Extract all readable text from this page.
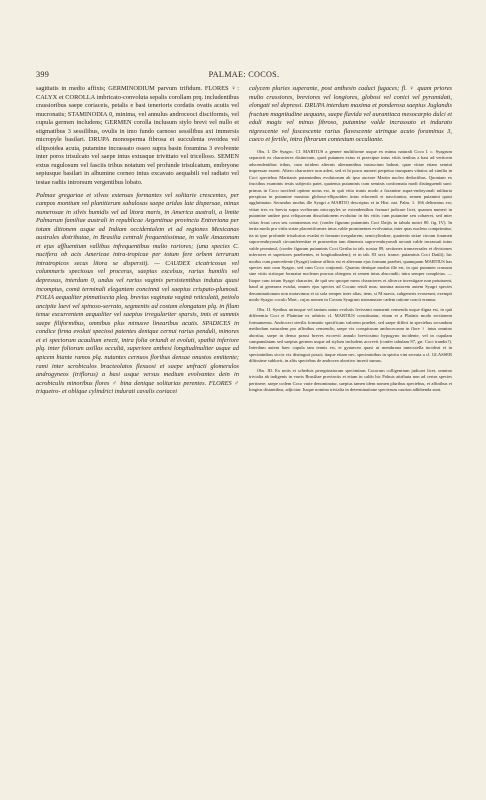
399	PALMAE: COCOS.

sagittatis in medio affixis; GERMINODIUM parvum trifidum. FLORES ♀: CALYX et COROLLA imbricato-convoluta sepalis corollam prq. includentibus crassioribus saepe coriaceis, petalis e basi tenerioris cordatis ovatis acutis vel mucronatis; STAMINODIA 0, minima, vel annulus androceoci disciformis, vel cupula germen includens; GERMEN corolla inclusum stylo brevi vel nullo et stigmatibus 3 sessilibus, ovulis in imo fundo carnoso sessilibus axi immersis micropyle basilari. DRUPA monosperma fibrosa et succulenta ovoidea vel ellipsoidea acuta, putamine incrassato osseo supra basin foramina 3 evolvente inter poros trisulcato vel saepe intus extusque trivittato vel tricelloso. SEMEN extus rugulosum vel fasciis tribus notatum vel profunde trisulcatum, embryone sepiusque basilari in albumine corneo intus excavato aequabili vel radiato vel testae radiis introrsum vergentibus lobato.

Palmae gregariae et silvas extensas formantes vel solitarie crescentes, per campos montium vel planitierum sabulosas saepe aridas late dispersae, minus numerosae in silvis humidis vel ad litora maris, in America australi, a limite Palmarum familiae australi in republicae Argentinae provincia Entreriana per totam ditionem usque ad Indiam occidentalem et ad regiones Mexicanas australes distributae, in Brasilia centrali frequentissimae, in valle Amazonum et ejus affluentium vallibus infrequentibus multo rariores; (una species C. nucifera ob acis Americae intra-tropicae per totum fere orbem terrarum intratropicos secus litora se dispersit). — CAUDEX cicatricosus vel columnaris speciosus vel procerus, saepius excelsus, rarius humilis vel depressus, interdum 0, undus vel rarius vaginis persistentibus indutus quasi incomptus, comā terminali elegantem concinnā vel saepius crispato-plumosā. FOLIA aequaliter pinnatisecta pleq. brevius vaginata vaginā reticulatā, petiolo ancipite laevi vel spinoso-serrato, segmentis ad costam elongatam plq. in filum tenue excurrentem aequaliter vel saepius irregulariter sparsis, imis et summis saepe filiformibus, omnibus plus minusve linearibus acutis. SPADICES in condice firma evoluti speciosi patentes denique cernui rarius penduli, minores et ei speciorum acaulium erecti, intra folia oriundi et evoluti, spathā inferiore plq. inter foliorum axillas occultā, superiore anthesi longitudinaliter usque ad apicem hiante ramos plq. nutantes cernuos floribus densae onustos emittente; rami inter scrobiculos bracteolatos flexuosi et saepe unfracti glomerulos androgyneos (triflorus) a basi usque versus medium evolvantes dein in acrobiculis minoribus flores ♂ bina denique solitarias perentes. FLORES ♂ triquetro- et oblique cylindrici indurati cavulis coriacei

calycem pluries superante, post anthesin caduci fugaces; fl. ♀ quam priores multo crassiores, breviores vel longiores, globosi vel conici vel pyramidati, elongati vel depressi. DRUPA interdum maxima et ponderosa saepius Juglandis fructum magnitudine aequans, saepe flavida vel aurantiaca mesocarpio dulci et eduli magis vel minus fibroso, putamine valde incrassato et indurato nigrescente vel fuscescente rarius flavescente utrinque acuto foraminus 3, caeco et fertile, intra fibrarum contextum occultante.

Obs. I. De Syagro. Cl. MARTIUS a genere multiforme usque ex minus naturali Coco l. c. Syagrum separavit ex characteres distinctum, quod putamen extus et praecipue intus vittis tenibus a basi ad verticem adscendentibus tribus, cum totidem alternis alternantibus instructum habeat, quae vittae etiam semini impressae essent. Altero charactere non adest, sed et hi poros numeri perpetuo trunquam vittatos ad similia in Coci speciebus Martianis putaminibus evolutorum ab ipso auctore Martin nucleo deductibus. Quoniam ex fructibus examinis testis subjectis patet, quatenus putaminis cum seminis conformata modi distinguendi sunt: primus in Coco nociferā optime notus est, in quā vitta trunis modo a foramine supra-embryonali militaria perspicua in putamine maximo globoso-ellipsoideo intus educendi et nascituntur, semen putamini quasi agglutinatur. Secundus modus ille Syagri a MARTIO descriptus et in Hist. nat. Palm. 1. 166 delineatus est; vittae tres ex brevia supra sveltorum micropyles se extendentibus formari judicare licet, quarum numeri in putamine undare post reliquorum dissolutionem evoluitur in his vittis cum putamine sen cohaeret, sed inter vittas froas cava seu commensus est; (confer figuram putaminis Coci Datjis in tabula nostri 80. fig. IV). In tertia modo pro vittis striae placentiformes intus valde prominentes evolvuntur, inter quas nucleus comprimitur, ita ut ipse profunde trisulcatus evadat et formam irregularem, semicylindrae, quaternis striae circum foramen supra-embryonali circumferentiae et praesertim tam dimensis supra-embryonali arcuati valde incrassati intus valde prominul, (confer figuram putaminis Coci Gertha in tab. nostra 89, sectiones transversales et divisiones inferiores et superiores praebentes, et longitudinalem); et in tab. 83 sect. transv. putaminis Coci Datili); hic modus cum praecedente (Syagri) intime affinis est et alternam ejus formam praebet, quamquam MARTIUS has species non cum Syagro, sed cum Coco conjunxit. Quartus denique modus ille est, in quo putamen crassum sine vittis striisque formatur nucleum prorsus obtegens et semen intus abscondit; intra semper completus. — Itaque cum totum Syagri character, de quā seo quoque meos characteres et alicerce investigare non potuissent, haud ut generaea evadat, omnes ejus species ad Cocum retuli mus; nomina autorem autem Syagri species denominationum non motavimus et ut sola semper inter alias; item, si M mavis, subgeneris evaserunt, exempti modo Syagro coculo Mart., cujus nomen in Cocum Syagrum transmutare cadem ratione coacti eramus.

Obs. II. Synthus utriusque vel tantum unius evolutis levissimi momenti censenda usque digna est, in quā differentia Coci et Platiniae ex arbitrio cl. MARTIUS constituatur, etiam et a Platinis modo sectionem formamenus. Androceci sterilis formatio specificam valorem praebet, sed saepe differt in speciebus secundum methodum naturalem pro affinibus censendis; saepe vix conspicuum androceorum in flore ♀ intus omnino abortiur, saepe in denso prassi breves excrevit annulo breviosimo hypogyno incidente, vel in cupulam campanulatam sed saepius germen usque ad stylum includens accrevit (confer tabulam 87, grr. Coci trandis?). Interdum autem haec cupula tam tennis est, et gynaeceo quasi ut membrana tunecutella incideat et in speciminibus siccis vix distinguit possit; itaque etiam nec, speciminibus in spiritu vini servata a cl. GLASSER diltissime subluvit, in aliis speciebus de androceo abortivo incerti sumus.

Obs. III. Ex notis et scheduis peregrinatorum speciminus Cocorum colligentium judicari licet, omnino trivialia ab indigenis in varris Brasiliae provinciis et etiam in caldo hic Palmis attributa non ad certas species pertinere; saepe codem Coco varie denominatur, saepius tamen idem nomen pluribus speciebus, et affinibus et longius distantibus, adjicitur. Itaque nomina trivialia in determinatione specierum caution adhibenda sunt.
